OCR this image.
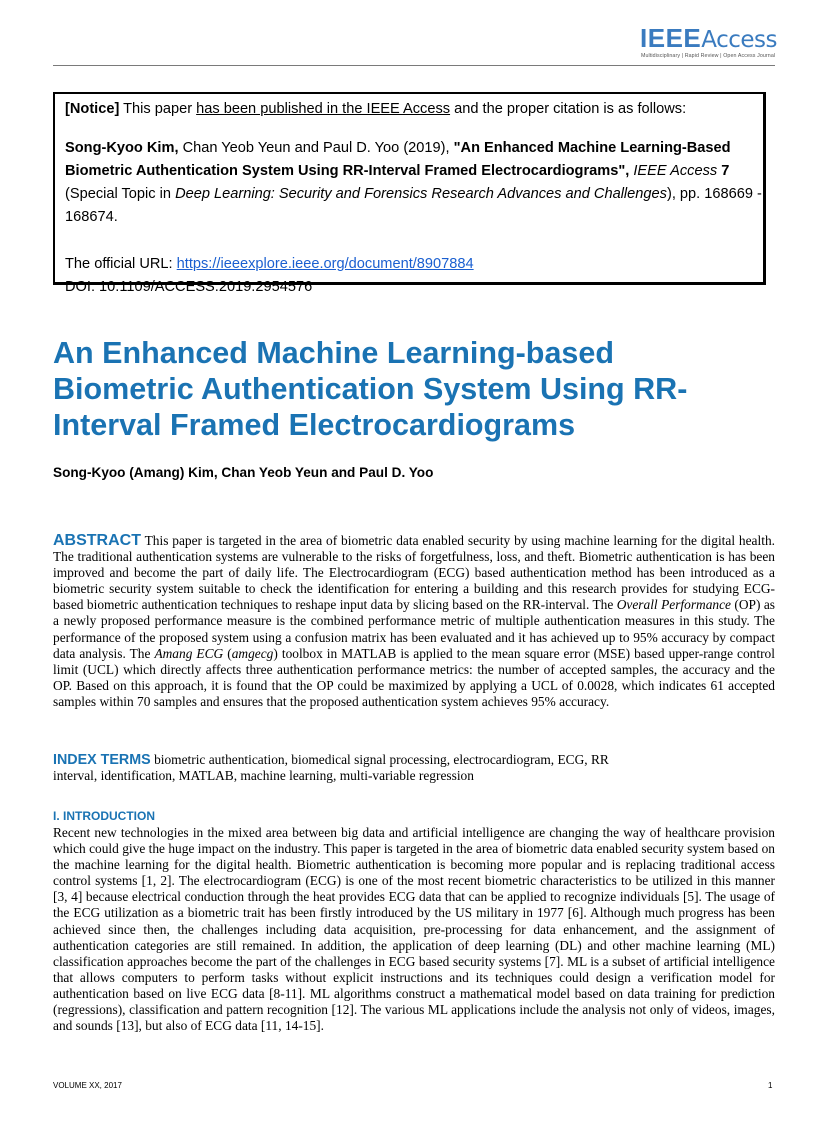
IEEEAccess
Multidisciplinary | Rapid Review | Open Access Journal

[Notice] This paper has been published in the IEEE Access and the proper citation is as follows:

Song-Kyoo Kim, Chan Yeob Yeun and Paul D. Yoo (2019), "An Enhanced Machine Learning-Based Biometric Authentication System Using RR-Interval Framed Electrocardiograms", IEEE Access 7 (Special Topic in Deep Learning: Security and Forensics Research Advances and Challenges), pp. 168669 - 168674.

The official URL: https://ieeexplore.ieee.org/document/8907884

DOI: 10.1109/ACCESS.2019.2954576

An Enhanced Machine Learning-based Biometric Authentication System Using RR-Interval Framed Electrocardiograms
Song-Kyoo (Amang) Kim, Chan Yeob Yeun and Paul D. Yoo
ABSTRACT This paper is targeted in the area of biometric data enabled security by using machine learning for the digital health. The traditional authentication systems are vulnerable to the risks of forgetfulness, loss, and theft. Biometric authentication is has been improved and become the part of daily life. The Electrocardiogram (ECG) based authentication method has been introduced as a biometric security system suitable to check the identification for entering a building and this research provides for studying ECG-based biometric authentication techniques to reshape input data by slicing based on the RR-interval. The Overall Performance (OP) as a newly proposed performance measure is the combined performance metric of multiple authentication measures in this study. The performance of the proposed system using a confusion matrix has been evaluated and it has achieved up to 95% accuracy by compact data analysis. The Amang ECG (amgecg) toolbox in MATLAB is applied to the mean square error (MSE) based upper-range control limit (UCL) which directly affects three authentication performance metrics: the number of accepted samples, the accuracy and the OP. Based on this approach, it is found that the OP could be maximized by applying a UCL of 0.0028, which indicates 61 accepted samples within 70 samples and ensures that the proposed authentication system achieves 95% accuracy.
INDEX TERMS biometric authentication, biomedical signal processing, electrocardiogram, ECG, RR
interval, identification, MATLAB, machine learning, multi-variable regression
I. INTRODUCTION
Recent new technologies in the mixed area between big data and artificial intelligence are changing the way of healthcare provision which could give the huge impact on the industry. This paper is targeted in the area of biometric data enabled security system based on the machine learning for the digital health. Biometric authentication is becoming more popular and is replacing traditional access control systems [1, 2]. The electrocardiogram (ECG) is one of the most recent biometric characteristics to be utilized in this manner [3, 4] because electrical conduction through the heat provides ECG data that can be applied to recognize individuals [5]. The usage of the ECG utilization as a biometric trait has been firstly introduced by the US military in 1977 [6]. Although much progress has been achieved since then, the challenges including data acquisition, pre-processing for data enhancement, and the assignment of authentication categories are still remained. In addition, the application of deep learning (DL) and other machine learning (ML) classification approaches become the part of the challenges in ECG based security systems [7]. ML is a subset of artificial intelligence that allows computers to perform tasks without explicit instructions and its techniques could design a verification model for authentication based on live ECG data [8-11]. ML algorithms construct a mathematical model based on data training for prediction (regressions), classification and pattern recognition [12]. The various ML applications include the analysis not only of videos, images, and sounds [13], but also of ECG data [11, 14-15].
VOLUME XX, 2017	1
